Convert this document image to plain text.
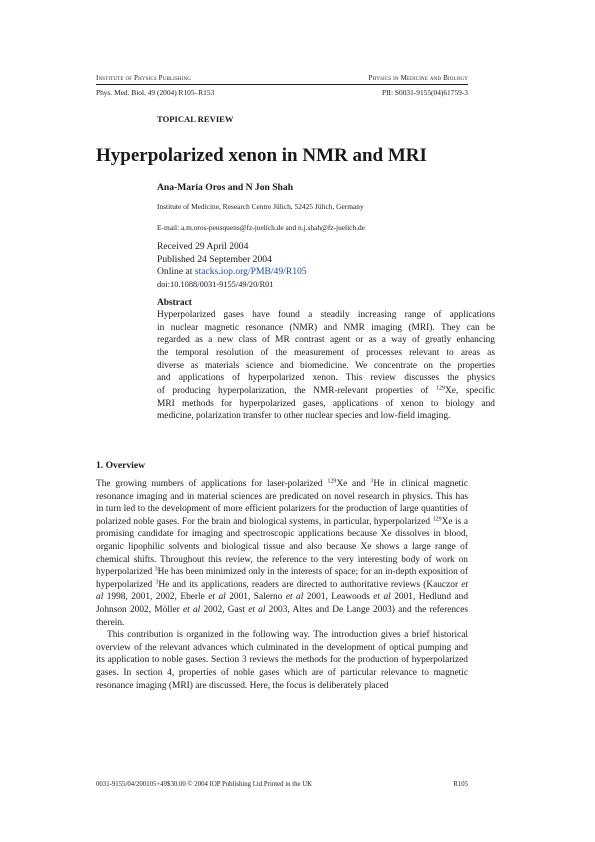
Institute of Physics Publishing	Physics in Medicine and Biology
Phys. Med. Biol. 49 (2004) R105–R153	PII: S0031-9155(04)61759-3
TOPICAL REVIEW
Hyperpolarized xenon in NMR and MRI
Ana-Maria Oros and N Jon Shah
Institute of Medicine, Research Centre Jülich, 52425 Jülich, Germany
E-mail: a.m.oros-peusquens@fz-juelich.de and n.j.shah@fz-juelich.de
Received 29 April 2004
Published 24 September 2004
Online at stacks.iop.org/PMB/49/R105
doi:10.1088/0031-9155/49/20/R01
Abstract
Hyperpolarized gases have found a steadily increasing range of applications
in nuclear magnetic resonance (NMR) and NMR imaging (MRI). They can be
regarded as a new class of MR contrast agent or as a way of greatly enhancing
the temporal resolution of the measurement of processes relevant to areas as
diverse as materials science and biomedicine. We concentrate on the properties
and applications of hyperpolarized xenon. This review discusses the physics
of producing hyperpolarization, the NMR-relevant properties of $^{129}$Xe, specific
MRI methods for hyperpolarized gases, applications of xenon to biology and
medicine, polarization transfer to other nuclear species and low-field imaging.
1. Overview

The growing numbers of applications for laser-polarized $^{129}$Xe and $^3$He in clinical magnetic resonance imaging and in material sciences are predicated on novel research in physics. This has in turn led to the development of more efficient polarizers for the production of large quantities of polarized noble gases. For the brain and biological systems, in particular, hyperpolarized $^{129}$Xe is a promising candidate for imaging and spectroscopic applications because Xe dissolves in blood, organic lipophilic solvents and biological tissue and also because Xe shows a large range of chemical shifts. Throughout this review, the reference to the very interesting body of work on hyperpolarized $^3$He has been minimized only in the interests of space; for an in-depth exposition of hyperpolarized $^3$He and its applications, readers are directed to authoritative reviews (Kauczor et al 1998, 2001, 2002, Eberle et al 2001, Salerno et al 2001, Leawoods et al 2001, Hedlund and Johnson 2002, Möller et al 2002, Gast et al 2003, Altes and De Lange 2003) and the references therein.

This contribution is organized in the following way. The introduction gives a brief historical overview of the relevant advances which culminated in the development of optical pumping and its application to noble gases. Section 3 reviews the methods for the production of hyperpolarized gases. In section 4, properties of noble gases which are of particular relevance to magnetic resonance imaging (MRI) are discussed. Here, the focus is deliberately placed

0031-9155/04/200105+49$30.00 © 2004 IOP Publishing Ltd Printed in the UK	R105
